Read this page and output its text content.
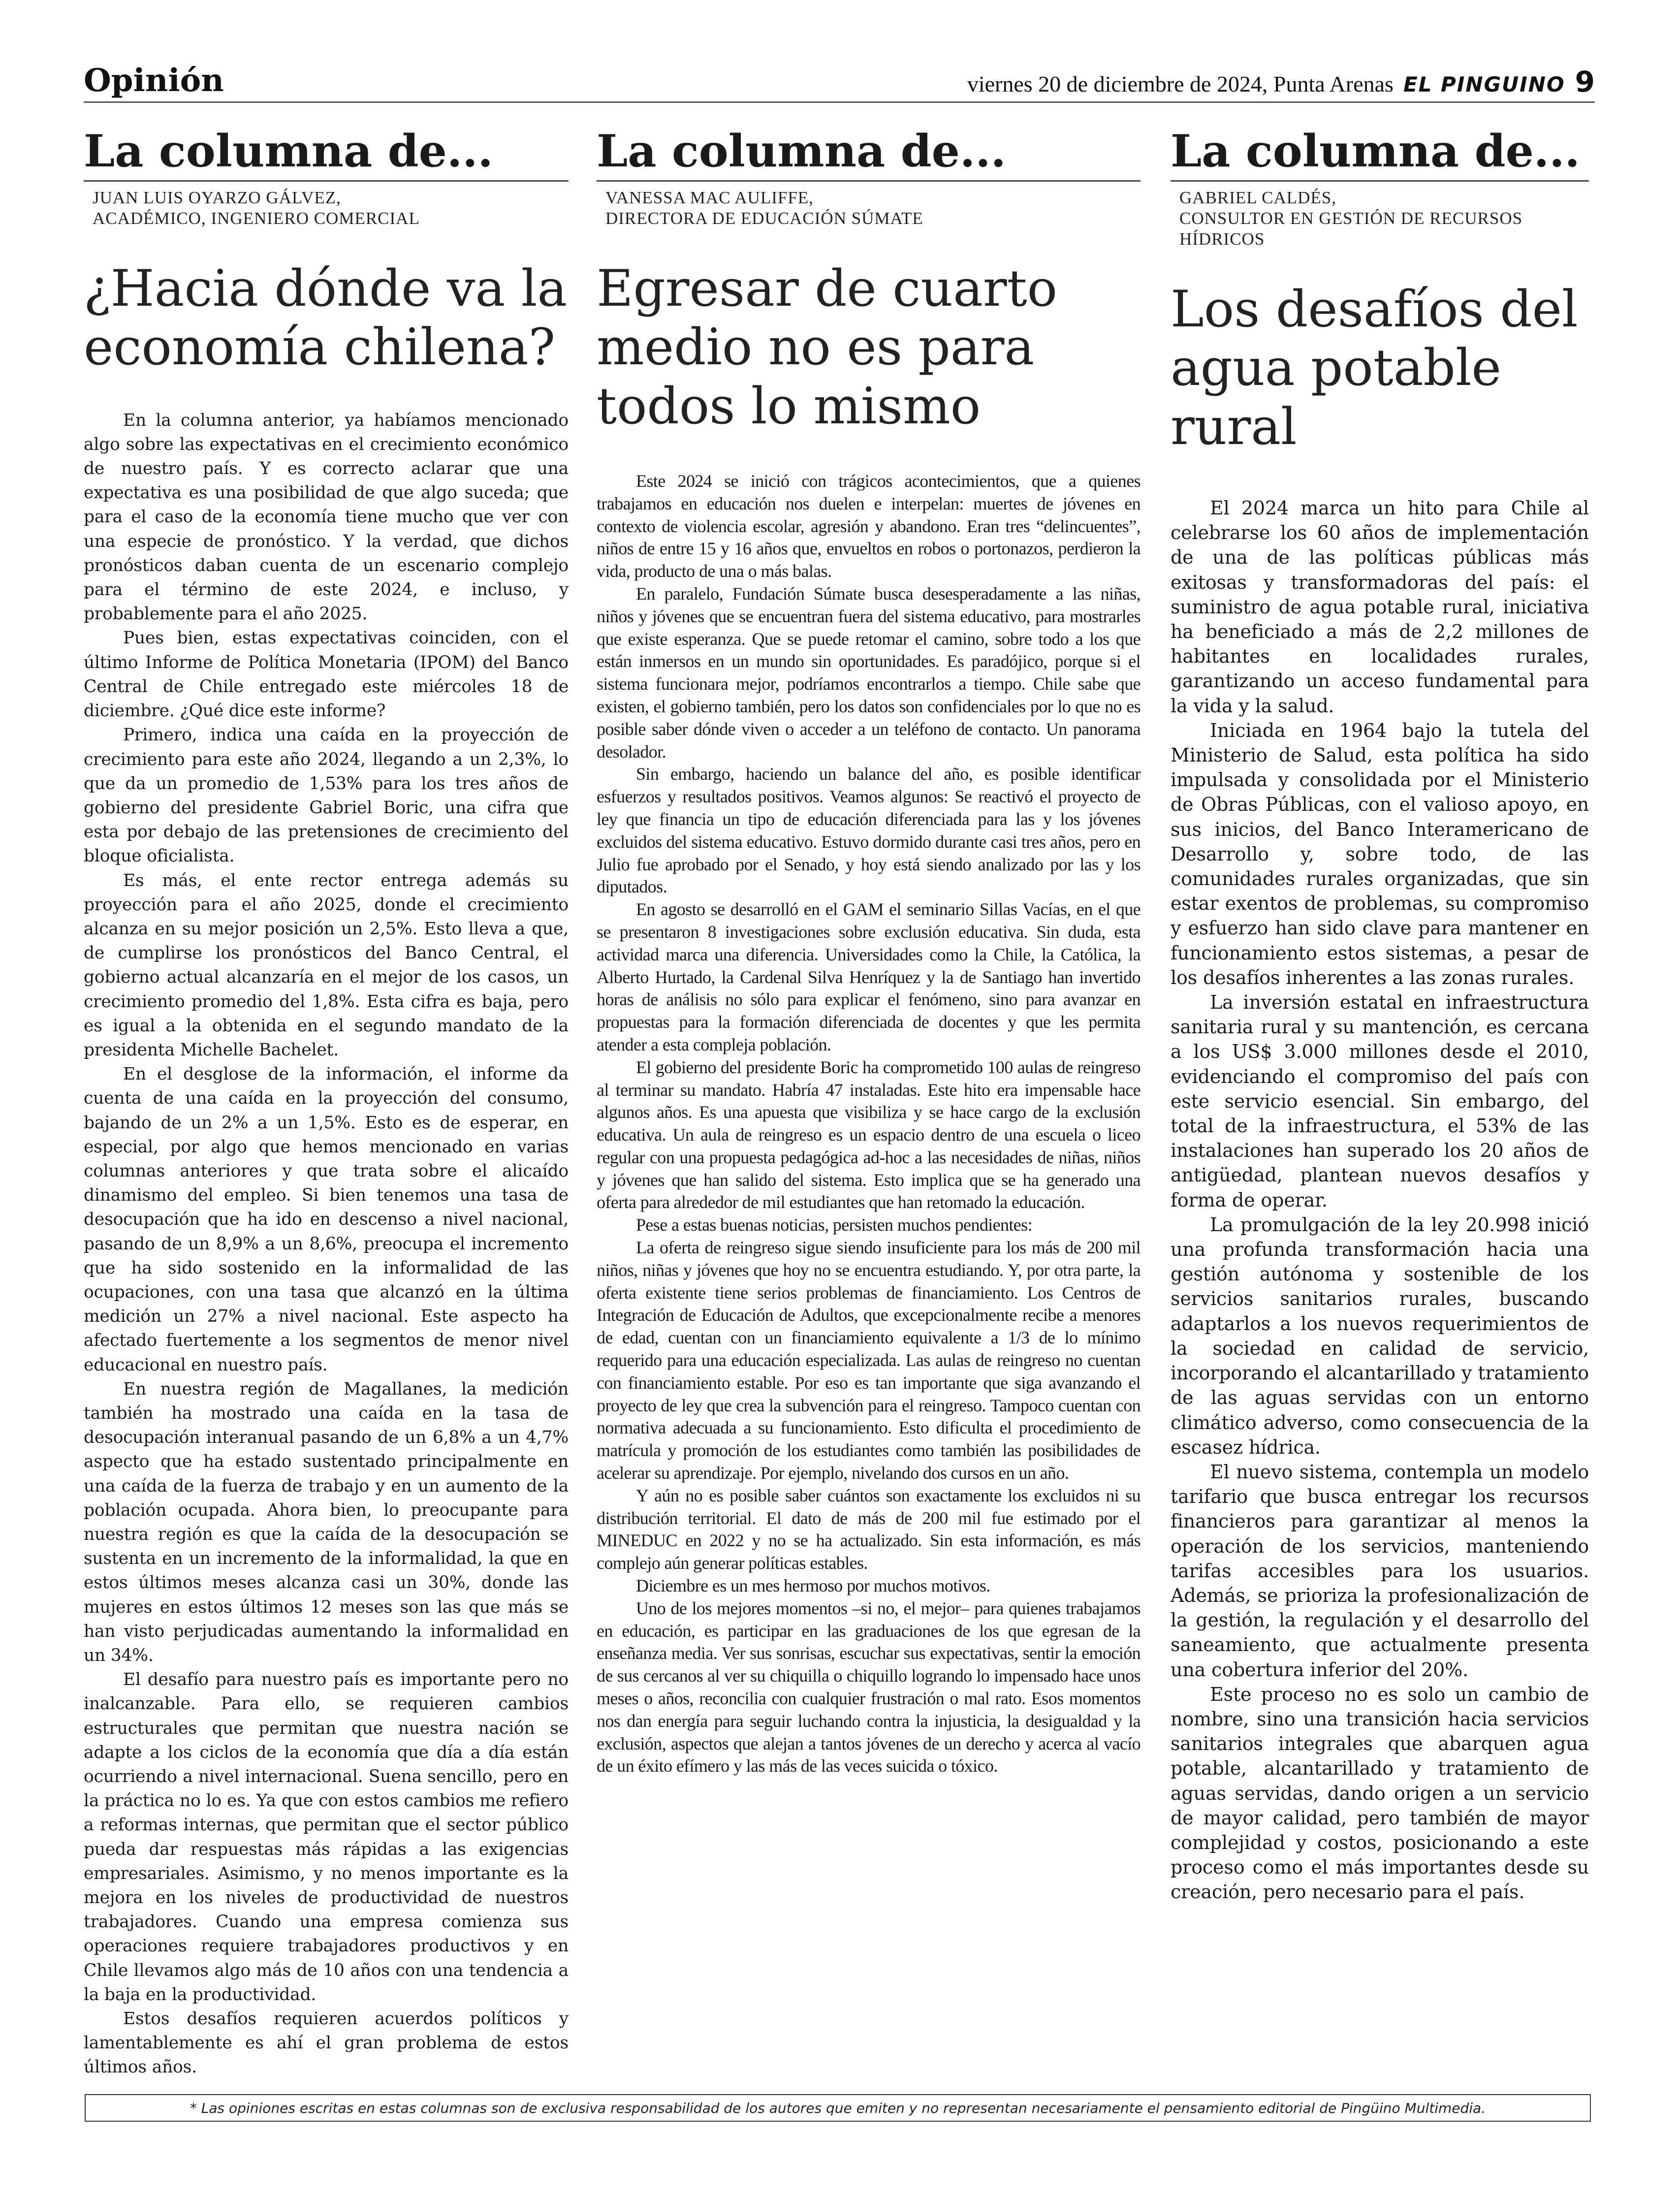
Opinión	viernes 20 de diciembre de 2024, Punta Arenas EL PINGUINO 9
La columna de...
JUAN LUIS OYARZO GÁLVEZ,
ACADÉMICO, INGENIERO COMERCIAL
¿Hacia dónde va la economía chilena?

En la columna anterior, ya habíamos mencionado algo sobre las expectativas en el crecimiento económico de nuestro país. Y es correcto aclarar que una expectativa es una posibilidad de que algo suceda; que para el caso de la economía tiene mucho que ver con una especie de pronóstico. Y la verdad, que dichos pronósticos daban cuenta de un escenario complejo para el término de este 2024, e incluso, y probablemente para el año 2025.

Pues bien, estas expectativas coinciden, con el último Informe de Política Monetaria (IPOM) del Banco Central de Chile entregado este miércoles 18 de diciembre. ¿Qué dice este informe?

Primero, indica una caída en la proyección de crecimiento para este año 2024, llegando a un 2,3%, lo que da un promedio de 1,53% para los tres años de gobierno del presidente Gabriel Boric, una cifra que esta por debajo de las pretensiones de crecimiento del bloque oficialista.

Es más, el ente rector entrega además su proyección para el año 2025, donde el crecimiento alcanza en su mejor posición un 2,5%. Esto lleva a que, de cumplirse los pronósticos del Banco Central, el gobierno actual alcanzaría en el mejor de los casos, un crecimiento promedio del 1,8%. Esta cifra es baja, pero es igual a la obtenida en el segundo mandato de la presidenta Michelle Bachelet.

En el desglose de la información, el informe da cuenta de una caída en la proyección del consumo, bajando de un 2% a un 1,5%. Esto es de esperar, en especial, por algo que hemos mencionado en varias columnas anteriores y que trata sobre el alicaído dinamismo del empleo. Si bien tenemos una tasa de desocupación que ha ido en descenso a nivel nacional, pasando de un 8,9% a un 8,6%, preocupa el incremento que ha sido sostenido en la informalidad de las ocupaciones, con una tasa que alcanzó en la última medición un 27% a nivel nacional. Este aspecto ha afectado fuertemente a los segmentos de menor nivel educacional en nuestro país.

En nuestra región de Magallanes, la medición también ha mostrado una caída en la tasa de desocupación interanual pasando de un 6,8% a un 4,7% aspecto que ha estado sustentado principalmente en una caída de la fuerza de trabajo y en un aumento de la población ocupada. Ahora bien, lo preocupante para nuestra región es que la caída de la desocupación se sustenta en un incremento de la informalidad, la que en estos últimos meses alcanza casi un 30%, donde las mujeres en estos últimos 12 meses son las que más se han visto perjudicadas aumentando la informalidad en un 34%.

El desafío para nuestro país es importante pero no inalcanzable. Para ello, se requieren cambios estructurales que permitan que nuestra nación se adapte a los ciclos de la economía que día a día están ocurriendo a nivel internacional. Suena sencillo, pero en la práctica no lo es. Ya que con estos cambios me refiero a reformas internas, que permitan que el sector público pueda dar respuestas más rápidas a las exigencias empresariales. Asimismo, y no menos importante es la mejora en los niveles de productividad de nuestros trabajadores. Cuando una empresa comienza sus operaciones requiere trabajadores productivos y en Chile llevamos algo más de 10 años con una tendencia a la baja en la productividad.

Estos desafíos requieren acuerdos políticos y lamentablemente es ahí el gran problema de estos últimos años.

La columna de...
VANESSA MAC AULIFFE,
DIRECTORA DE EDUCACIÓN SÚMATE
Egresar de cuarto medio no es para todos lo mismo

Este 2024 se inició con trágicos acontecimientos, que a quienes trabajamos en educación nos duelen e interpelan: muertes de jóvenes en contexto de violencia escolar, agresión y abandono. Eran tres “delincuentes”, niños de entre 15 y 16 años que, envueltos en robos o portonazos, perdieron la vida, producto de una o más balas.

En paralelo, Fundación Súmate busca desesperadamente a las niñas, niños y jóvenes que se encuentran fuera del sistema educativo, para mostrarles que existe esperanza. Que se puede retomar el camino, sobre todo a los que están inmersos en un mundo sin oportunidades. Es paradójico, porque si el sistema funcionara mejor, podríamos encontrarlos a tiempo. Chile sabe que existen, el gobierno también, pero los datos son confidenciales por lo que no es posible saber dónde viven o acceder a un teléfono de contacto. Un panorama desolador.

Sin embargo, haciendo un balance del año, es posible identificar esfuerzos y resultados positivos. Veamos algunos: Se reactivó el proyecto de ley que financia un tipo de educación diferenciada para las y los jóvenes excluidos del sistema educativo. Estuvo dormido durante casi tres años, pero en Julio fue aprobado por el Senado, y hoy está siendo analizado por las y los diputados.

En agosto se desarrolló en el GAM el seminario Sillas Vacías, en el que se presentaron 8 investigaciones sobre exclusión educativa. Sin duda, esta actividad marca una diferencia. Universidades como la Chile, la Católica, la Alberto Hurtado, la Cardenal Silva Henríquez y la de Santiago han invertido horas de análisis no sólo para explicar el fenómeno, sino para avanzar en propuestas para la formación diferenciada de docentes y que les permita atender a esta compleja población.

El gobierno del presidente Boric ha comprometido 100 aulas de reingreso al terminar su mandato. Habría 47 instaladas. Este hito era impensable hace algunos años. Es una apuesta que visibiliza y se hace cargo de la exclusión educativa. Un aula de reingreso es un espacio dentro de una escuela o liceo regular con una propuesta pedagógica ad-hoc a las necesidades de niñas, niños y jóvenes que han salido del sistema. Esto implica que se ha generado una oferta para alrededor de mil estudiantes que han retomado la educación.

Pese a estas buenas noticias, persisten muchos pendientes:

La oferta de reingreso sigue siendo insuficiente para los más de 200 mil niños, niñas y jóvenes que hoy no se encuentra estudiando. Y, por otra parte, la oferta existente tiene serios problemas de financiamiento. Los Centros de Integración de Educación de Adultos, que excepcionalmente recibe a menores de edad, cuentan con un financiamiento equivalente a 1/3 de lo mínimo requerido para una educación especializada. Las aulas de reingreso no cuentan con financiamiento estable. Por eso es tan importante que siga avanzando el proyecto de ley que crea la subvención para el reingreso. Tampoco cuentan con normativa adecuada a su funcionamiento. Esto dificulta el procedimiento de matrícula y promoción de los estudiantes como también las posibilidades de acelerar su aprendizaje. Por ejemplo, nivelando dos cursos en un año.

Y aún no es posible saber cuántos son exactamente los excluidos ni su distribución territorial. El dato de más de 200 mil fue estimado por el MINEDUC en 2022 y no se ha actualizado. Sin esta información, es más complejo aún generar políticas estables.

Diciembre es un mes hermoso por muchos motivos.

Uno de los mejores momentos –si no, el mejor– para quienes trabajamos en educación, es participar en las graduaciones de los que egresan de la enseñanza media. Ver sus sonrisas, escuchar sus expectativas, sentir la emoción de sus cercanos al ver su chiquilla o chiquillo logrando lo impensado hace unos meses o años, reconcilia con cualquier frustración o mal rato. Esos momentos nos dan energía para seguir luchando contra la injusticia, la desigualdad y la exclusión, aspectos que alejan a tantos jóvenes de un derecho y acerca al vacío de un éxito efímero y las más de las veces suicida o tóxico.

La columna de...
GABRIEL CALDÉS,
CONSULTOR EN GESTIÓN DE RECURSOS HÍDRICOS
Los desafíos del agua potable rural

El 2024 marca un hito para Chile al celebrarse los 60 años de implementación de una de las políticas públicas más exitosas y transformadoras del país: el suministro de agua potable rural, iniciativa ha beneficiado a más de 2,2 millones de habitantes en localidades rurales, garantizando un acceso fundamental para la vida y la salud.

Iniciada en 1964 bajo la tutela del Ministerio de Salud, esta política ha sido impulsada y consolidada por el Ministerio de Obras Públicas, con el valioso apoyo, en sus inicios, del Banco Interamericano de Desarrollo y, sobre todo, de las comunidades rurales organizadas, que sin estar exentos de problemas, su compromiso y esfuerzo han sido clave para mantener en funcionamiento estos sistemas, a pesar de los desafíos inherentes a las zonas rurales.

La inversión estatal en infraestructura sanitaria rural y su mantención, es cercana a los US$ 3.000 millones desde el 2010, evidenciando el compromiso del país con este servicio esencial. Sin embargo, del total de la infraestructura, el 53% de las instalaciones han superado los 20 años de antigüedad, plantean nuevos desafíos y forma de operar.

La promulgación de la ley 20.998 inició una profunda transformación hacia una gestión autónoma y sostenible de los servicios sanitarios rurales, buscando adaptarlos a los nuevos requerimientos de la sociedad en calidad de servicio, incorporando el alcantarillado y tratamiento de las aguas servidas con un entorno climático adverso, como consecuencia de la escasez hídrica.

El nuevo sistema, contempla un modelo tarifario que busca entregar los recursos financieros para garantizar al menos la operación de los servicios, manteniendo tarifas accesibles para los usuarios. Además, se prioriza la profesionalización de la gestión, la regulación y el desarrollo del saneamiento, que actualmente presenta una cobertura inferior del 20%.

Este proceso no es solo un cambio de nombre, sino una transición hacia servicios sanitarios integrales que abarquen agua potable, alcantarillado y tratamiento de aguas servidas, dando origen a un servicio de mayor calidad, pero también de mayor complejidad y costos, posicionando a este proceso como el más importantes desde su creación, pero necesario para el país.

* Las opiniones escritas en estas columnas son de exclusiva responsabilidad de los autores que emiten y no representan necesariamente el pensamiento editorial de Pingüino Multimedia.
